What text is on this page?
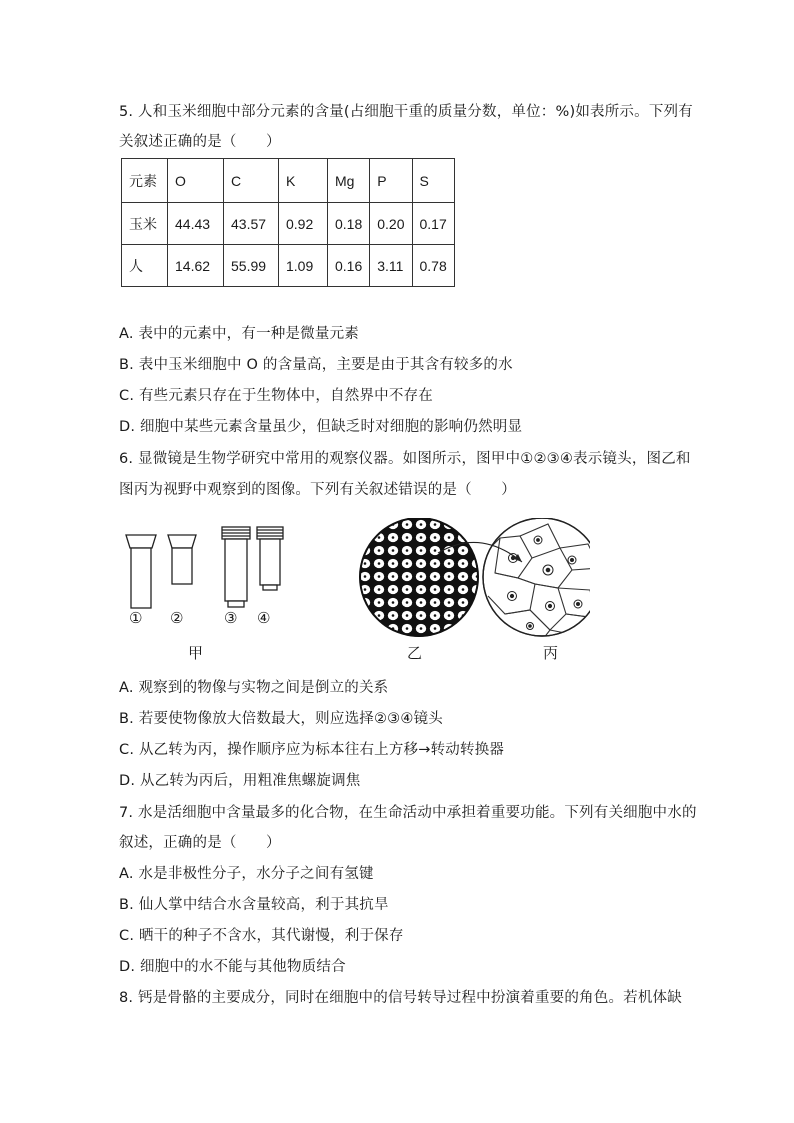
5. 人和玉米细胞中部分元素的含量(占细胞干重的质量分数，单位：%)如表所示。下列有
关叙述正确的是（　　）
元素	O	C	K	Mg	P	S
玉米	44.43	43.57	0.92	0.18	0.20	0.17
人	14.62	55.99	1.09	0.16	3.11	0.78
A. 表中的元素中，有一种是微量元素
B. 表中玉米细胞中 O 的含量高，主要是由于其含有较多的水
C. 有些元素只存在于生物体中，自然界中不存在
D. 细胞中某些元素含量虽少，但缺乏时对细胞的影响仍然明显
6. 显微镜是生物学研究中常用的观察仪器。如图所示，图甲中①②③④表示镜头，图乙和
图丙为视野中观察到的图像。下列有关叙述错误的是（　　）
① ②	③ ④
甲	乙	丙
A. 观察到的物像与实物之间是倒立的关系
B. 若要使物像放大倍数最大，则应选择②③④镜头
C. 从乙转为丙，操作顺序应为标本往右上方移→转动转换器
D. 从乙转为丙后，用粗准焦螺旋调焦
7. 水是活细胞中含量最多的化合物，在生命活动中承担着重要功能。下列有关细胞中水的
叙述，正确的是（　　）
A. 水是非极性分子，水分子之间有氢键
B. 仙人掌中结合水含量较高，利于其抗旱
C. 晒干的种子不含水，其代谢慢，利于保存
D. 细胞中的水不能与其他物质结合
8. 钙是骨骼的主要成分，同时在细胞中的信号转导过程中扮演着重要的角色。若机体缺
